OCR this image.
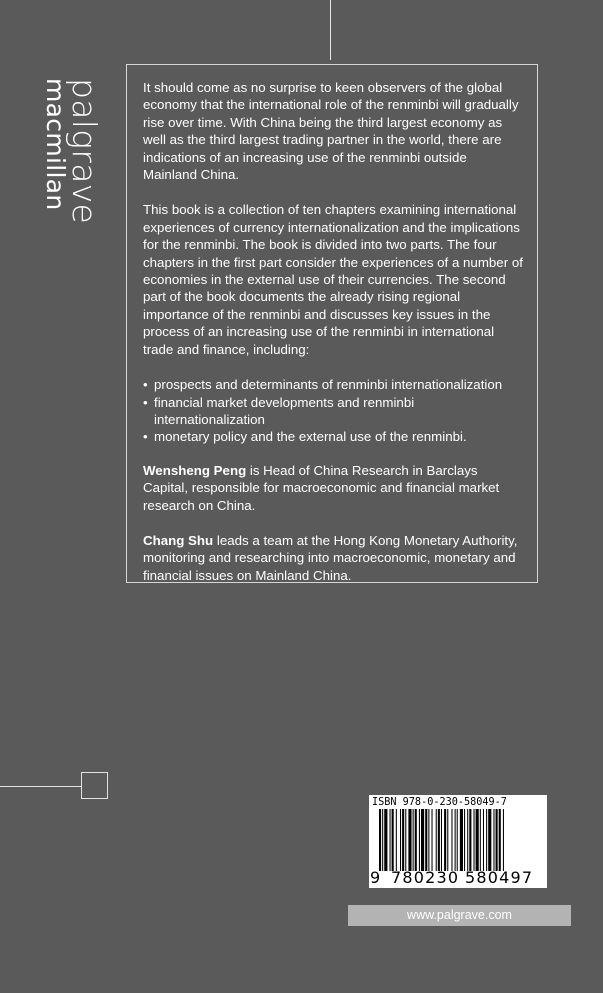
palgrave
macmillan	It should come as no surprise to keen observers of the global economy that the international role of the renminbi will gradually rise over time. With China being the third largest economy as well as the third largest trading partner in the world, there are indications of an increasing use of the renminbi outside Mainland China.

This book is a collection of ten chapters examining international experiences of currency internationalization and the implications for the renminbi. The book is divided into two parts. The four chapters in the first part consider the experiences of a number of economies in the external use of their currencies. The second part of the book documents the already rising regional importance of the renminbi and discusses key issues in the process of an increasing use of the renminbi in international trade and finance, including:

• prospects and determinants of renminbi internationalization
• financial market developments and renminbi internationalization
• monetary policy and the external use of the renminbi.

Wensheng Peng is Head of China Research in Barclays Capital, responsible for macroeconomic and financial market research on China.

Chang Shu leads a team at the Hong Kong Monetary Authority, monitoring and researching into macroeconomic, monetary and financial issues on Mainland China.

ISBN 978-0-230-58049-7
9 780230 580497
www.palgrave.com
